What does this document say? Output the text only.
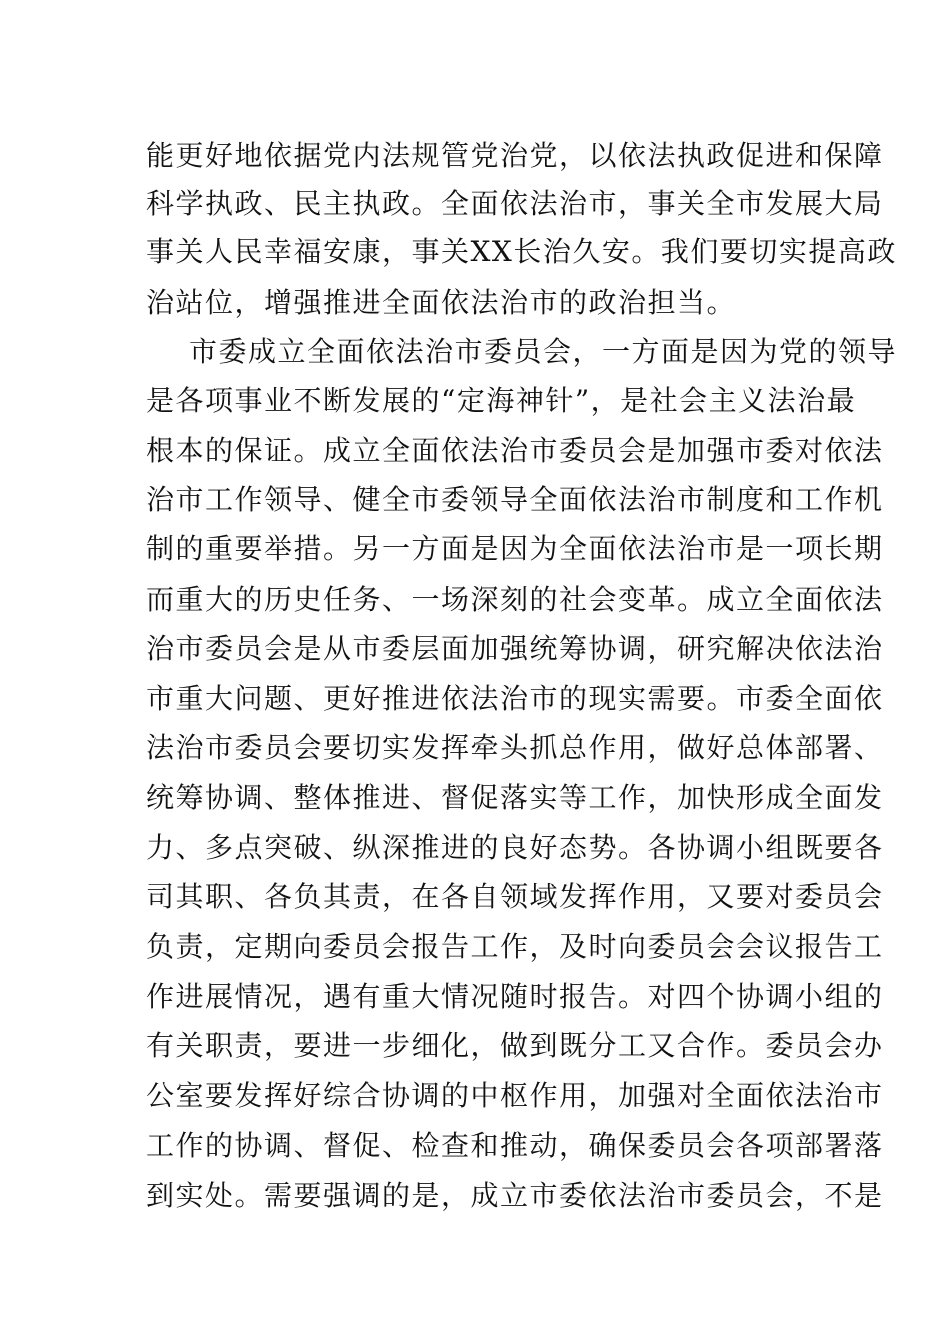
能更好地依据党内法规管党治党，以依法执政促进和保障
科学执政、民主执政。全面依法治市，事关全市发展大局
事关人民幸福安康，事关XX长治久安。我们要切实提高政
治站位，增强推进全面依法治市的政治担当。
市委成立全面依法治市委员会，一方面是因为党的领导
是各项事业不断发展的“定海神针”，是社会主义法治最
根本的保证。成立全面依法治市委员会是加强市委对依法
治市工作领导、健全市委领导全面依法治市制度和工作机
制的重要举措。另一方面是因为全面依法治市是一项长期
而重大的历史任务、一场深刻的社会变革。成立全面依法
治市委员会是从市委层面加强统筹协调，研究解决依法治
市重大问题、更好推进依法治市的现实需要。市委全面依
法治市委员会要切实发挥牵头抓总作用，做好总体部署、
统筹协调、整体推进、督促落实等工作，加快形成全面发
力、多点突破、纵深推进的良好态势。各协调小组既要各
司其职、各负其责，在各自领域发挥作用，又要对委员会
负责，定期向委员会报告工作，及时向委员会会议报告工
作进展情况，遇有重大情况随时报告。对四个协调小组的
有关职责，要进一步细化，做到既分工又合作。委员会办
公室要发挥好综合协调的中枢作用，加强对全面依法治市
工作的协调、督促、检查和推动，确保委员会各项部署落
到实处。需要强调的是，成立市委依法治市委员会，不是
